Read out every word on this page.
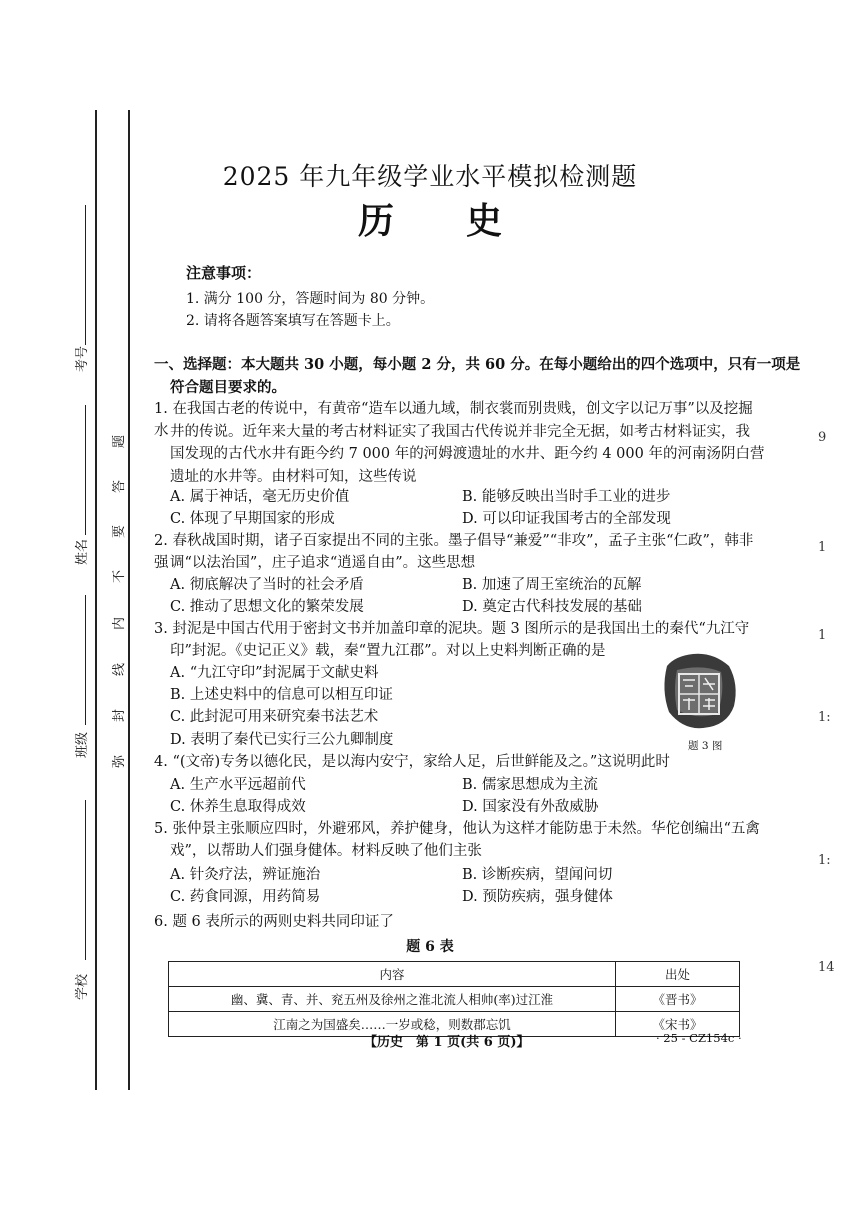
考号
姓名
班级
学校
题
答
要
不
内
线
封
弥
2025 年九年级学业水平模拟检测题
历　　史
注意事项：
1. 满分 100 分，答题时间为 80 分钟。
2. 请将各题答案填写在答题卡上。
一、选择题：本大题共 30 小题，每小题 2 分，共 60 分。在每小题给出的四个选项中，只有一项是
符合题目要求的。
1. 在我国古老的传说中，有黄帝“造车以通九域，制衣裳而别贵贱，创文字以记万事”以及挖掘水 井的传说。近年来大量的考古材料证实了我国古代传说并非完全无据，如考古材料证实，我
国发现的古代水井有距今约 7 000 年的河姆渡遗址的水井、距今约 4 000 年的河南汤阴白营
遗址的水井等。由材料可知，这些传说
A. 属于神话，毫无历史价值	B. 能够反映出当时手工业的进步
C. 体现了早期国家的形成	D. 可以印证我国考古的全部发现
2. 春秋战国时期，诸子百家提出不同的主张。墨子倡导“兼爱”“非攻”，孟子主张“仁政”，韩非强 调“以法治国”，庄子追求“逍遥自由”。这些思想
A. 彻底解决了当时的社会矛盾	B. 加速了周王室统治的瓦解
C. 推动了思想文化的繁荣发展	D. 奠定古代科技发展的基础
3. 封泥是中国古代用于密封文书并加盖印章的泥块。题 3 图所示的是我国出土的秦代“九江守
印”封泥。《史记正义》载，秦“置九江郡”。对以上史料判断正确的是
A. “九江守印”封泥属于文献史料
B. 上述史料中的信息可以相互印证
C. 此封泥可用来研究秦书法艺术
D. 表明了秦代已实行三公九卿制度	题 3 图
4. “(文帝)专务以德化民，是以海内安宁，家给人足，后世鲜能及之。”这说明此时
A. 生产水平远超前代	B. 儒家思想成为主流
C. 休养生息取得成效	D. 国家没有外敌威胁
5. 张仲景主张顺应四时，外避邪风，养护健身，他认为这样才能防患于未然。华佗创编出“五禽
戏”，以帮助人们强身健体。材料反映了他们主张
A. 针灸疗法，辨证施治	B. 诊断疾病，望闻问切
C. 药食同源，用药简易	D. 预防疾病，强身健体
6. 题 6 表所示的两则史料共同印证了
题 6 表
内容	出处
幽、冀、青、并、兖五州及徐州之淮北流人相帅(率)过江淮	《晋书》
江南之为国盛矣……一岁或稔，则数郡忘饥	《宋书》
【历史　第 1 页(共 6 页)】	· 25 - CZ154c ·
9
1
1
1:
1:
14
